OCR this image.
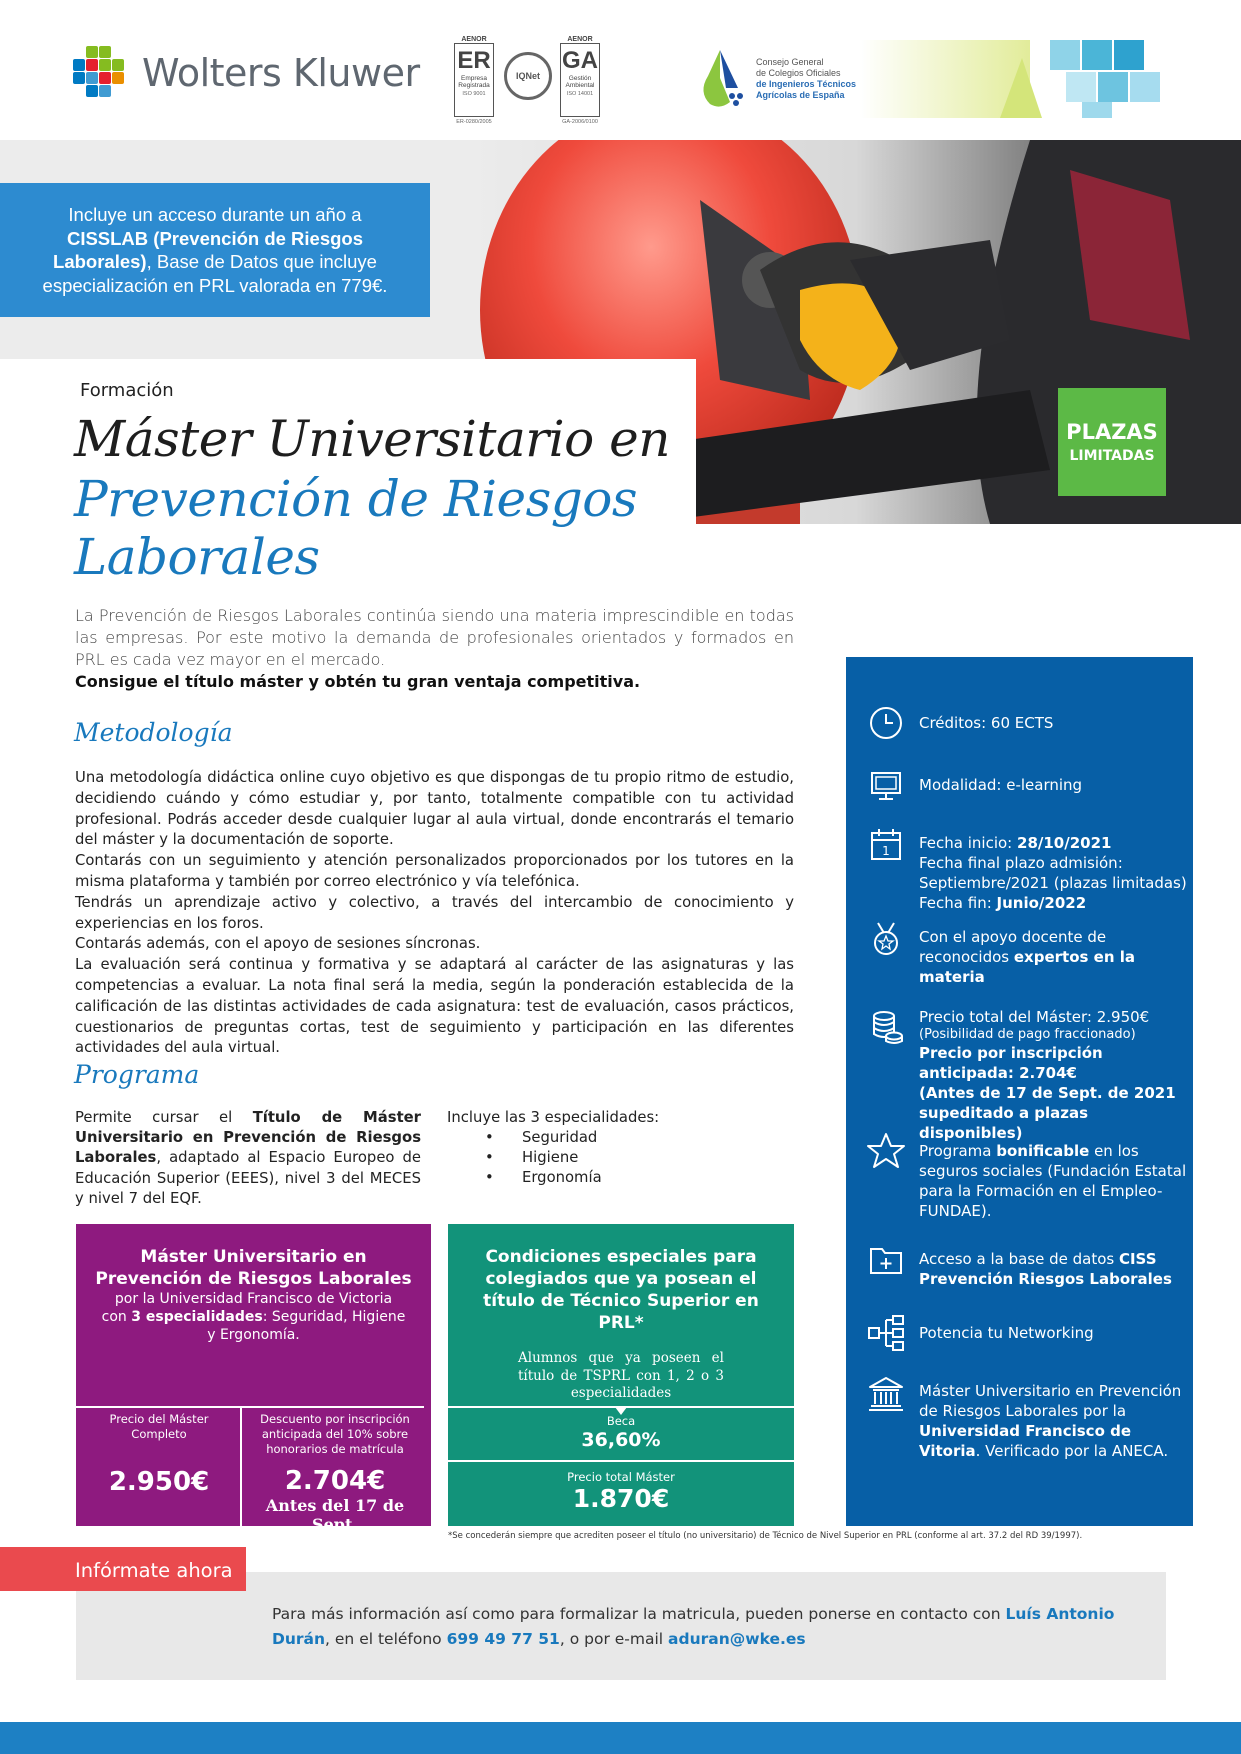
Wolters Kluwer
AENOR
ER
Empresa
Registrada
ISO 9001
ER-0280/2005
IQNet
AENOR
GA
Gestión
Ambiental
ISO 14001
GA-2006/0100
Consejo General
de Colegios Oficiales
de Ingenieros Técnicos
Agrícolas de España
Incluye un acceso durante un año a CISSLAB (Prevención de Riesgos Laborales), Base de Datos que incluye especialización en PRL valorada en 779€.
PLAZAS
LIMITADAS
Formación
Máster Universitario en
Prevención de Riesgos Laborales
La Prevención de Riesgos Laborales continúa siendo una materia imprescindible en todas las empresas. Por este motivo la demanda de profesionales orientados y formados en PRL es cada vez mayor en el mercado.
Consigue el título máster y obtén tu gran ventaja competitiva.
Metodología

Una metodología didáctica online cuyo objetivo es que dispongas de tu propio ritmo de estudio, decidiendo cuándo y cómo estudiar y, por tanto, totalmente compatible con tu actividad profesional. Podrás acceder desde cualquier lugar al aula virtual, donde encontrarás el temario del máster y la documentación de soporte.

Contarás con un seguimiento y atención personalizados proporcionados por los tutores en la misma plataforma y también por correo electrónico y vía telefónica.

Tendrás un aprendizaje activo y colectivo, a través del intercambio de conocimiento y experiencias en los foros.

Contarás además, con el apoyo de sesiones síncronas.

La evaluación será continua y formativa y se adaptará al carácter de las asignaturas y las competencias a evaluar. La nota final será la media, según la ponderación establecida de la calificación de las distintas actividades de cada asignatura: test de evaluación, casos prácticos, cuestionarios de preguntas cortas, test de seguimiento y participación en las diferentes actividades del aula virtual.

Programa
Permite cursar el Título de Máster Universitario en Prevención de Riesgos Laborales, adaptado al Espacio Europeo de Educación Superior (EEES), nivel 3 del MECES y nivel 7 del EQF.
Incluye las 3 especialidades:
• Seguridad
• Higiene
• Ergonomía
Máster Universitario en
Prevención de Riesgos Laborales
por la Universidad Francisco de Victoria
con 3 especialidades: Seguridad, Higiene
y Ergonomía.
Precio del Máster Completo
2.950€
Descuento por inscripción anticipada del 10% sobre honorarios de matrícula
2.704€
Antes del 17 de Sept.
Condiciones especiales para colegiados que ya posean el título de Técnico Superior en PRL*
Alumnos que ya poseen el título de TSPRL con 1, 2 o 3 especialidades
Beca
36,60%
Precio total Máster
1.870€
*Se concederán siempre que acrediten poseer el título (no universitario) de Técnico de Nivel Superior en PRL (conforme al art. 37.2 del RD 39/1997).
Créditos: 60 ECTS
Modalidad: e-learning
1 Fecha inicio: 28/10/2021
Fecha final plazo admisión:
Septiembre/2021 (plazas limitadas)
Fecha fin: Junio/2022
Con el apoyo docente de reconocidos expertos en la materia
Precio total del Máster: 2.950€
(Posibilidad de pago fraccionado)
Precio por inscripción anticipada: 2.704€
(Antes de 17 de Sept. de 2021 supeditado a plazas disponibles)
Programa bonificable en los seguros sociales (Fundación Estatal para la Formación en el Empleo- FUNDAE).
Acceso a la base de datos CISS Prevención Riesgos Laborales
Potencia tu Networking
Máster Universitario en Prevención de Riesgos Laborales por la Universidad Francisco de Vitoria. Verificado por la ANECA.
Para más información así como para formalizar la matricula, pueden ponerse en contacto con Luís Antonio Durán, en el teléfono 699 49 77 51, o por e-mail aduran@wke.es
Infórmate ahora
